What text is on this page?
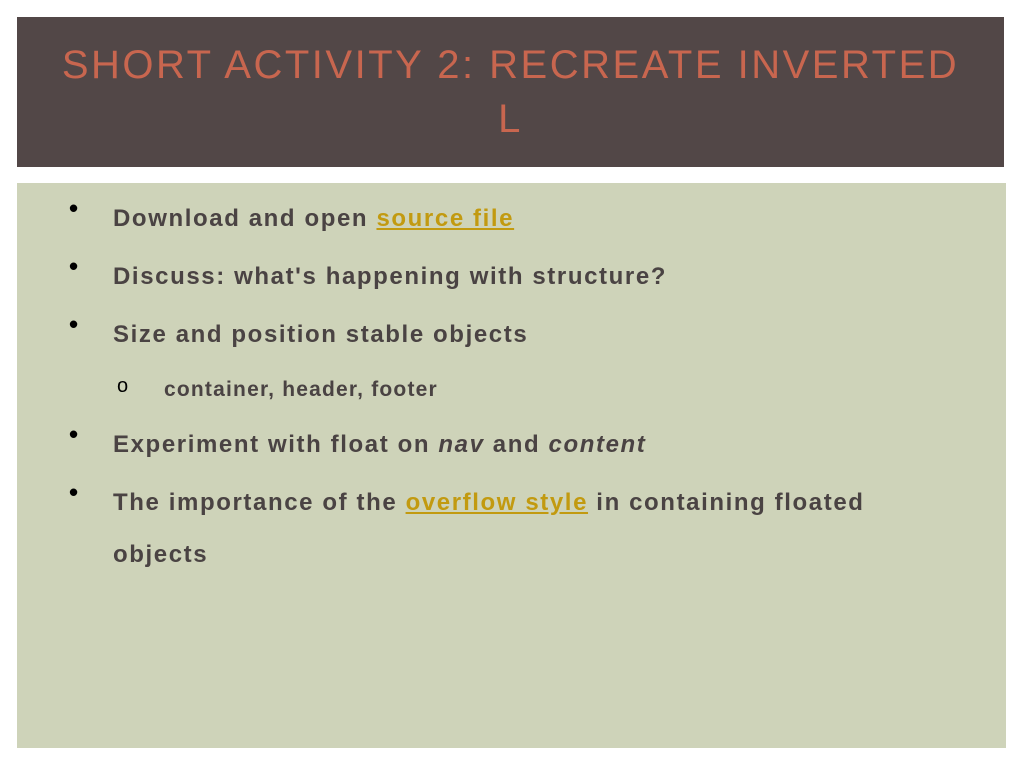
SHORT ACTIVITY 2: RECREATE INVERTED L
• Download and open source file
• Discuss: what's happening with structure?
• Size and position stable objects
o container, header, footer
• Experiment with float on nav and content
• The importance of the overflow style in containing floated objects
